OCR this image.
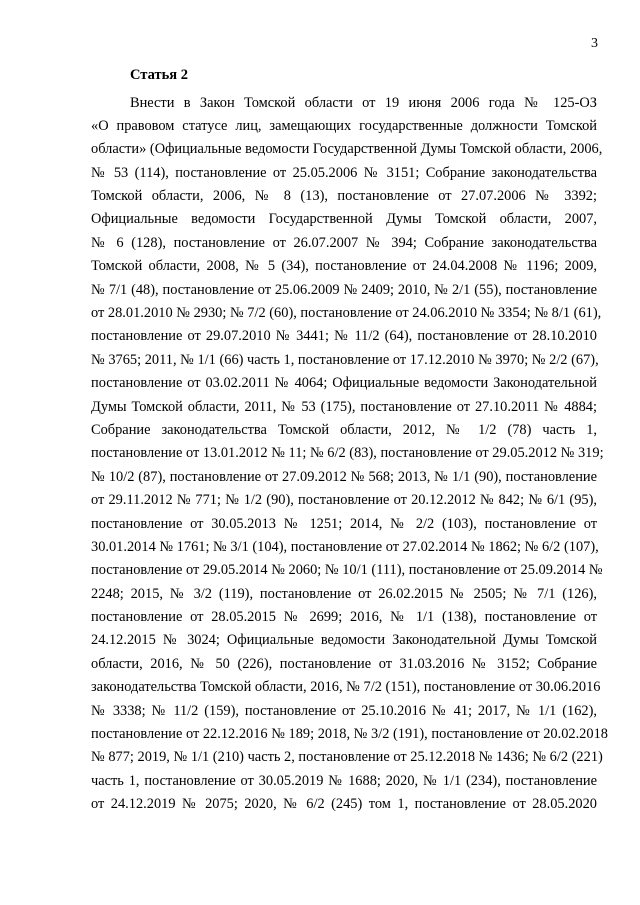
3
Статья 2
Внести в Закон Томской области от 19 июня 2006 года № 125-ОЗ
«О правовом статусе лиц, замещающих государственные должности Томской
области» (Официальные ведомости Государственной Думы Томской области, 2006,
№ 53 (114), постановление от 25.05.2006 № 3151; Собрание законодательства
Томской области, 2006, № 8 (13), постановление от 27.07.2006 № 3392;
Официальные ведомости Государственной Думы Томской области, 2007,
№ 6 (128), постановление от 26.07.2007 № 394; Собрание законодательства
Томской области, 2008, № 5 (34), постановление от 24.04.2008 № 1196; 2009,
№ 7/1 (48), постановление от 25.06.2009 № 2409; 2010, № 2/1 (55), постановление
от 28.01.2010 № 2930; № 7/2 (60), постановление от 24.06.2010 № 3354; № 8/1 (61),
постановление от 29.07.2010 № 3441; № 11/2 (64), постановление от 28.10.2010
№ 3765; 2011, № 1/1 (66) часть 1, постановление от 17.12.2010 № 3970; № 2/2 (67),
постановление от 03.02.2011 № 4064; Официальные ведомости Законодательной
Думы Томской области, 2011, № 53 (175), постановление от 27.10.2011 № 4884;
Собрание законодательства Томской области, 2012, № 1/2 (78) часть 1,
постановление от 13.01.2012 № 11; № 6/2 (83), постановление от 29.05.2012 № 319;
№ 10/2 (87), постановление от 27.09.2012 № 568; 2013, № 1/1 (90), постановление
от 29.11.2012 № 771; № 1/2 (90), постановление от 20.12.2012 № 842; № 6/1 (95),
постановление от 30.05.2013 № 1251; 2014, № 2/2 (103), постановление от
30.01.2014 № 1761; № 3/1 (104), постановление от 27.02.2014 № 1862; № 6/2 (107),
постановление от 29.05.2014 № 2060; № 10/1 (111), постановление от 25.09.2014 №
2248; 2015, № 3/2 (119), постановление от 26.02.2015 № 2505; № 7/1 (126),
постановление от 28.05.2015 № 2699; 2016, № 1/1 (138), постановление от
24.12.2015 № 3024; Официальные ведомости Законодательной Думы Томской
области, 2016, № 50 (226), постановление от 31.03.2016 № 3152; Собрание
законодательства Томской области, 2016, № 7/2 (151), постановление от 30.06.2016
№ 3338; № 11/2 (159), постановление от 25.10.2016 № 41; 2017, № 1/1 (162),
постановление от 22.12.2016 № 189; 2018, № 3/2 (191), постановление от 20.02.2018
№ 877; 2019, № 1/1 (210) часть 2, постановление от 25.12.2018 № 1436; № 6/2 (221)
часть 1, постановление от 30.05.2019 № 1688; 2020, № 1/1 (234), постановление
от 24.12.2019 № 2075; 2020, № 6/2 (245) том 1, постановление от 28.05.2020
